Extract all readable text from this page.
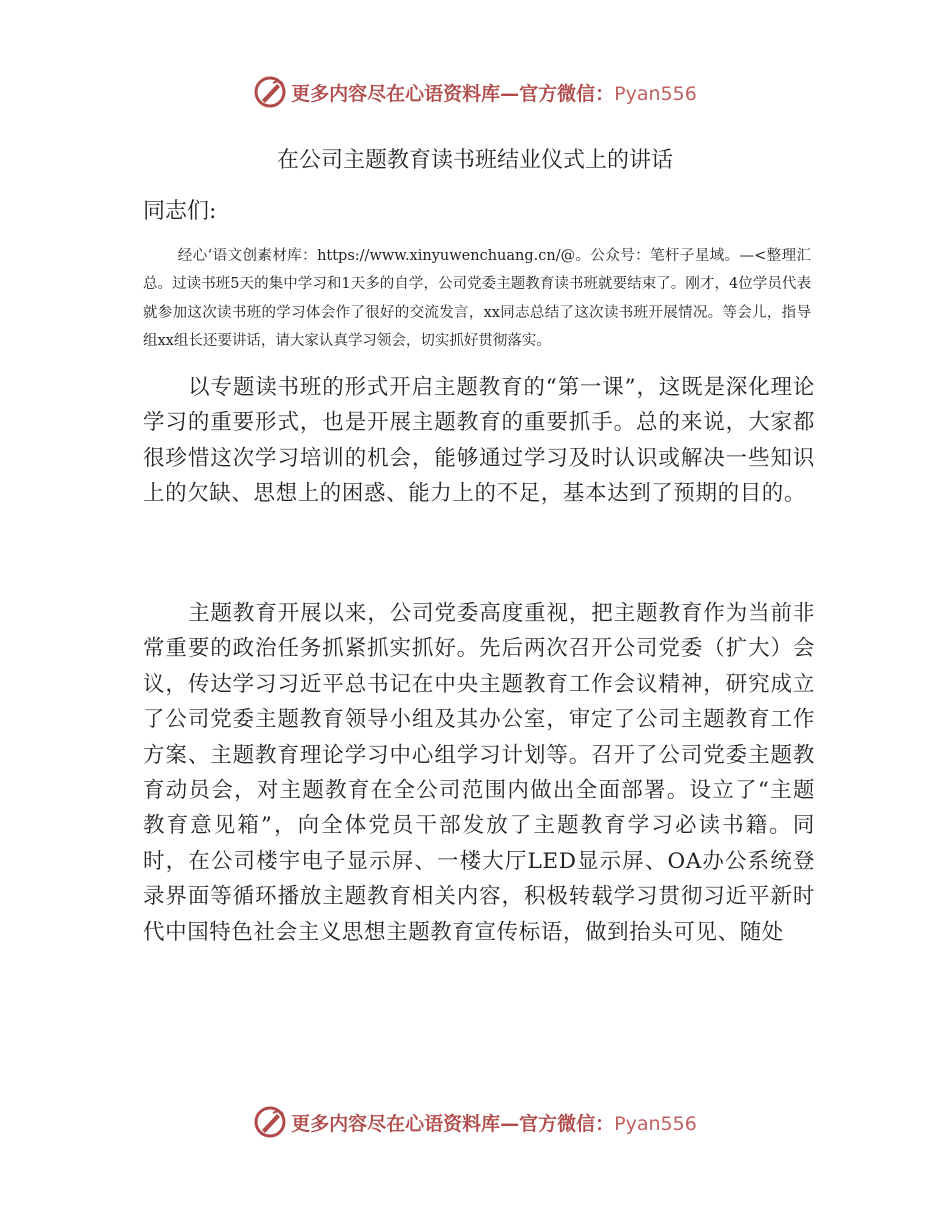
更多内容尽在心语资料库—官方微信：Pyan556
在公司主题教育读书班结业仪式上的讲话
同志们:

经心‘语文创素材库：https://www.xinyuwenchuang.cn/@。公众号：笔杆子星域。—<整理汇总。过读书班5天的集中学习和1天多的自学，公司党委主题教育读书班就要结束了。刚才，4位学员代表就参加这次读书班的学习体会作了很好的交流发言，xx同志总结了这次读书班开展情况。等会儿，指导组xx组长还要讲话，请大家认真学习领会，切实抓好贯彻落实。

以专题读书班的形式开启主题教育的“第一课”，这既是深化理论学习的重要形式，也是开展主题教育的重要抓手。总的来说，大家都很珍惜这次学习培训的机会，能够通过学习及时认识或解决一些知识上的欠缺、思想上的困惑、能力上的不足，基本达到了预期的目的。

主题教育开展以来，公司党委高度重视，把主题教育作为当前非常重要的政治任务抓紧抓实抓好。先后两次召开公司党委（扩大）会议，传达学习习近平总书记在中央主题教育工作会议精神，研究成立了公司党委主题教育领导小组及其办公室，审定了公司主题教育工作方案、主题教育理论学习中心组学习计划等。召开了公司党委主题教育动员会，对主题教育在全公司范围内做出全面部署。设立了“主题教育意见箱”，向全体党员干部发放了主题教育学习必读书籍。同时，在公司楼宇电子显示屏、一楼大厅LED显示屏、OA办公系统登录界面等循环播放主题教育相关内容，积极转载学习贯彻习近平新时代中国特色社会主义思想主题教育宣传标语，做到抬头可见、随处

更多内容尽在心语资料库—官方微信：Pyan556
